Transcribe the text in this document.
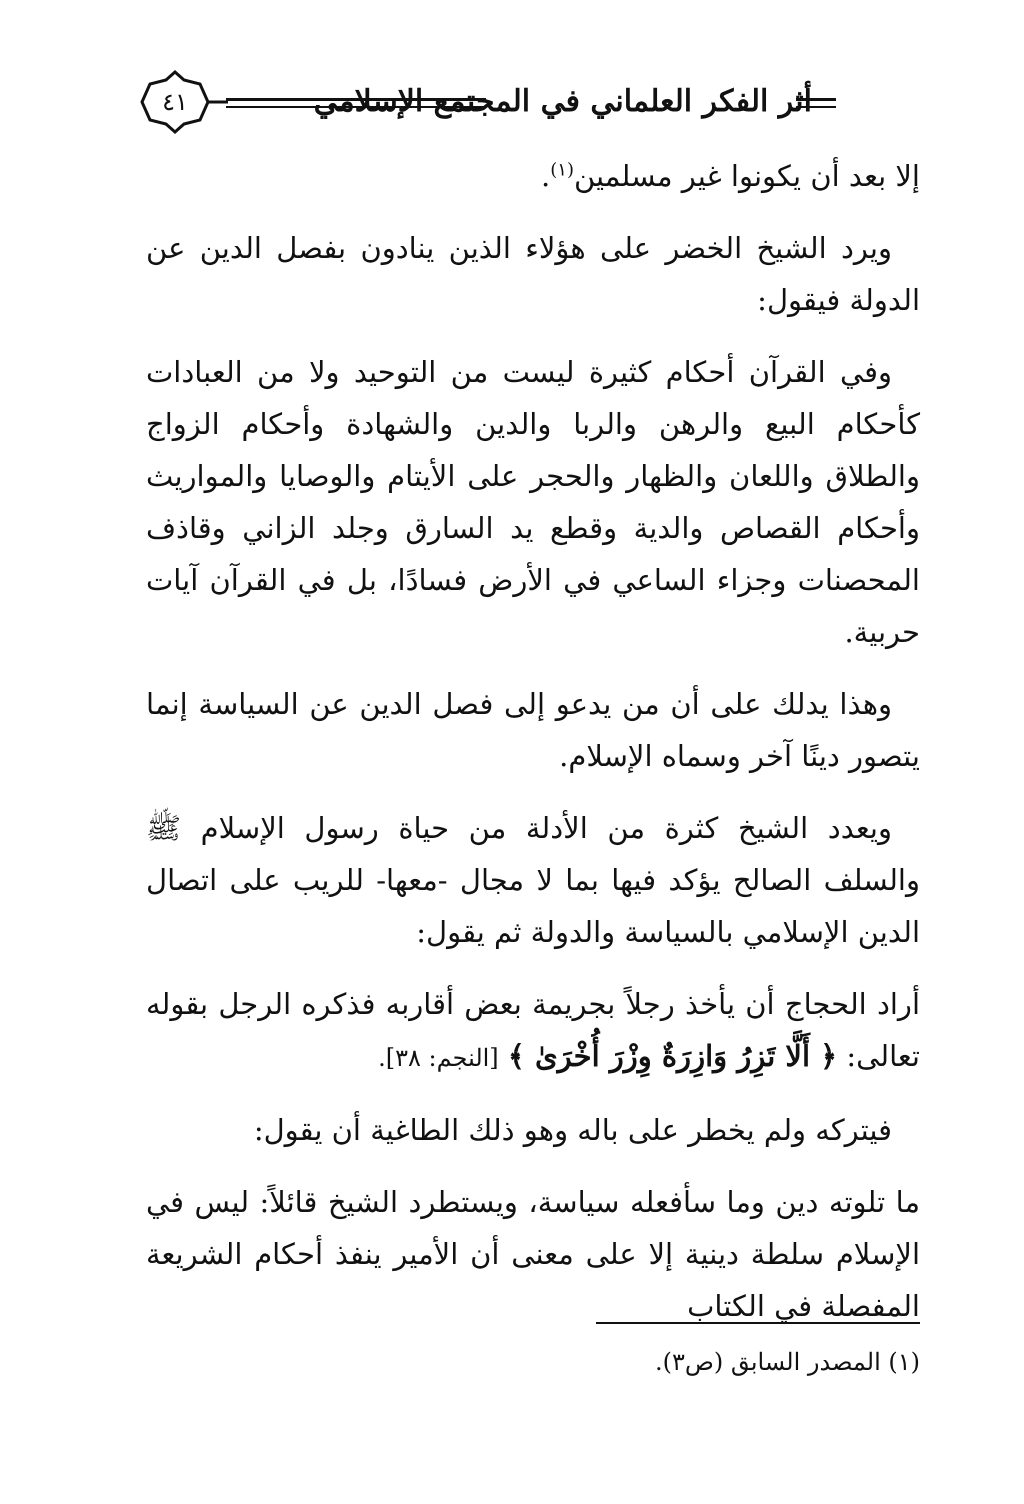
٤١	أثر الفكر العلماني في المجتمع الإسلامي

إلا بعد أن يكونوا غير مسلمين$^{(١)}$.

ويرد الشيخ الخضر على هؤلاء الذين ينادون بفصل الدين عن الدولة فيقول:

وفي القرآن أحكام كثيرة ليست من التوحيد ولا من العبادات كأحكام البيع والرهن والربا والدين والشهادة وأحكام الزواج والطلاق واللعان والظهار والحجر على الأيتام والوصايا والمواريث وأحكام القصاص والدية وقطع يد السارق وجلد الزاني وقاذف المحصنات وجزاء الساعي في الأرض فسادًا، بل في القرآن آيات حربية.

وهذا يدلك على أن من يدعو إلى فصل الدين عن السياسة إنما يتصور دينًا آخر وسماه الإسلام.

ويعدد الشيخ كثرة من الأدلة من حياة رسول الإسلام ﷺ والسلف الصالح يؤكد فيها بما لا مجال -معها- للريب على اتصال الدين الإسلامي بالسياسة والدولة ثم يقول:

أراد الحجاج أن يأخذ رجلاً بجريمة بعض أقاربه فذكره الرجل بقوله تعالى: ﴿ أَلَّا تَزِرُ وَازِرَةٌ وِزْرَ أُخْرَىٰ ﴾ [النجم: ٣٨].

فيتركه ولم يخطر على باله وهو ذلك الطاغية أن يقول:

ما تلوته دين وما سأفعله سياسة، ويستطرد الشيخ قائلاً: ليس في الإسلام سلطة دينية إلا على معنى أن الأمير ينفذ أحكام الشريعة المفصلة في الكتاب

(١) المصدر السابق (ص٣).
